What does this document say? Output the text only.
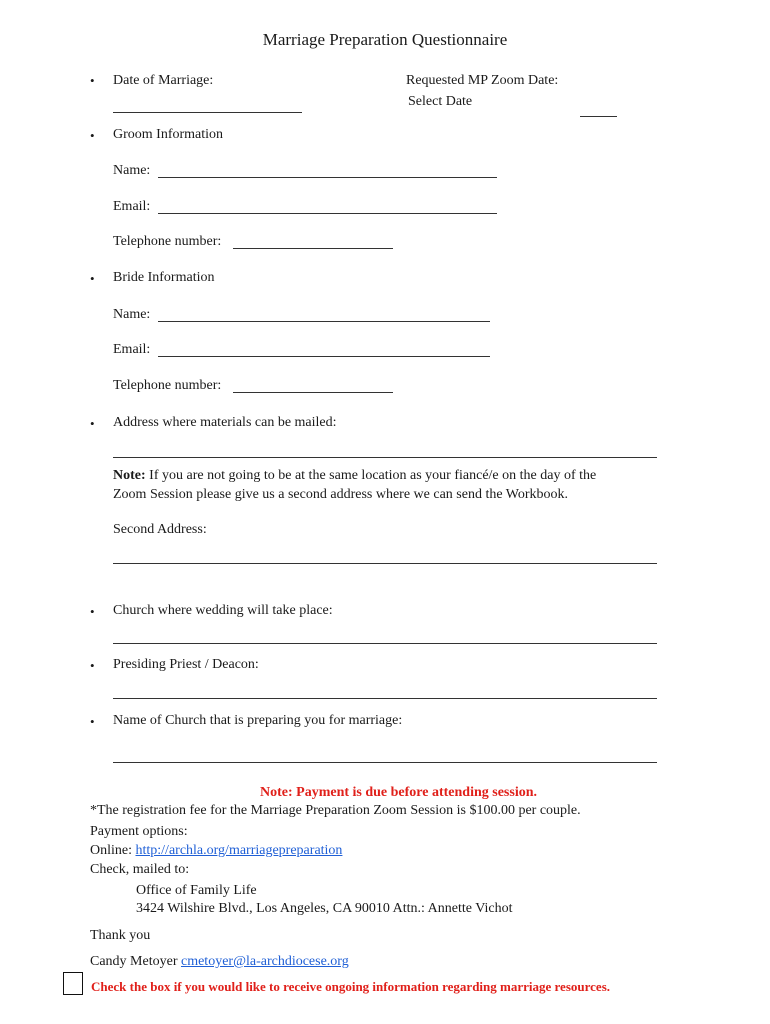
Marriage Preparation Questionnaire
• Date of Marriage:	Requested MP Zoom Date:
Select Date
• Groom Information
Name:
Email:
Telephone number:
• Bride Information
Name:
Email:
Telephone number:
• Address where materials can be mailed:
Note: If you are not going to be at the same location as your fiancé/e on the day of the
Zoom Session please give us a second address where we can send the Workbook.
Second Address:
• Church where wedding will take place:
• Presiding Priest / Deacon:
• Name of Church that is preparing you for marriage:
Note: Payment is due before attending session.
*The registration fee for the Marriage Preparation Zoom Session is $100.00 per couple.
Payment options:
Online: http://archla.org/marriagepreparation
Check, mailed to:
Office of Family Life
3424 Wilshire Blvd., Los Angeles, CA 90010 Attn.: Annette Vichot
Thank you
Candy Metoyer cmetoyer@la-archdiocese.org
Check the box if you would like to receive ongoing information regarding marriage resources.
